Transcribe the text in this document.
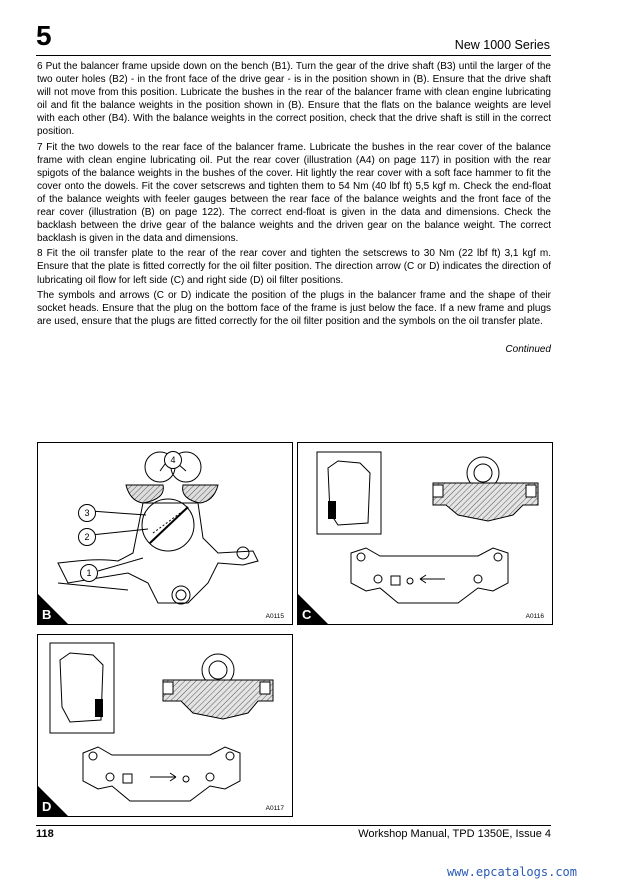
5	New 1000 Series

6 Put the balancer frame upside down on the bench (B1). Turn the gear of the drive shaft (B3) until the larger of the two outer holes (B2) - in the front face of the drive gear - is in the position shown in (B). Ensure that the drive shaft will not move from this position. Lubricate the bushes in the rear of the balancer frame with clean engine lubricating oil and fit the balance weights in the position shown in (B). Ensure that the flats on the balance weights are level with each other (B4). With the balance weights in the correct position, check that the drive shaft is still in the correct position.

7 Fit the two dowels to the rear face of the balancer frame. Lubricate the bushes in the rear cover of the balance frame with clean engine lubricating oil. Put the rear cover (illustration (A4) on page 117) in position with the rear spigots of the balance weights in the bushes of the cover. Hit lightly the rear cover with a soft face hammer to fit the cover onto the dowels. Fit the cover setscrews and tighten them to 54 Nm (40 lbf ft) 5,5 kgf m. Check the end-float of the balance weights with feeler gauges between the rear face of the balance weights and the front face of the rear cover (illustration (B) on page 122). The correct end-float is given in the data and dimensions. Check the backlash between the drive gear of the balance weights and the driven gear on the balance weight. The correct backlash is given in the data and dimensions.

8 Fit the oil transfer plate to the rear of the rear cover and tighten the setscrews to 30 Nm (22 lbf ft) 3,1 kgf m. Ensure that the plate is fitted correctly for the oil filter position. The direction arrow (C or D) indicates the direction of lubricating oil flow for left side (C) and right side (D) oil filter positions.

The symbols and arrows (C or D) indicate the position of the plugs in the balancer frame and the shape of their socket heads. Ensure that the plug on the bottom face of the frame is just below the face. If a new frame and plugs are used, ensure that the plugs are fitted correctly for the oil filter position and the symbols on the oil transfer plate.

Continued
4
3
2
1
B	A0115 C	A0116
D	A0117
118	Workshop Manual, TPD 1350E, Issue 4
www.epcatalogs.com
